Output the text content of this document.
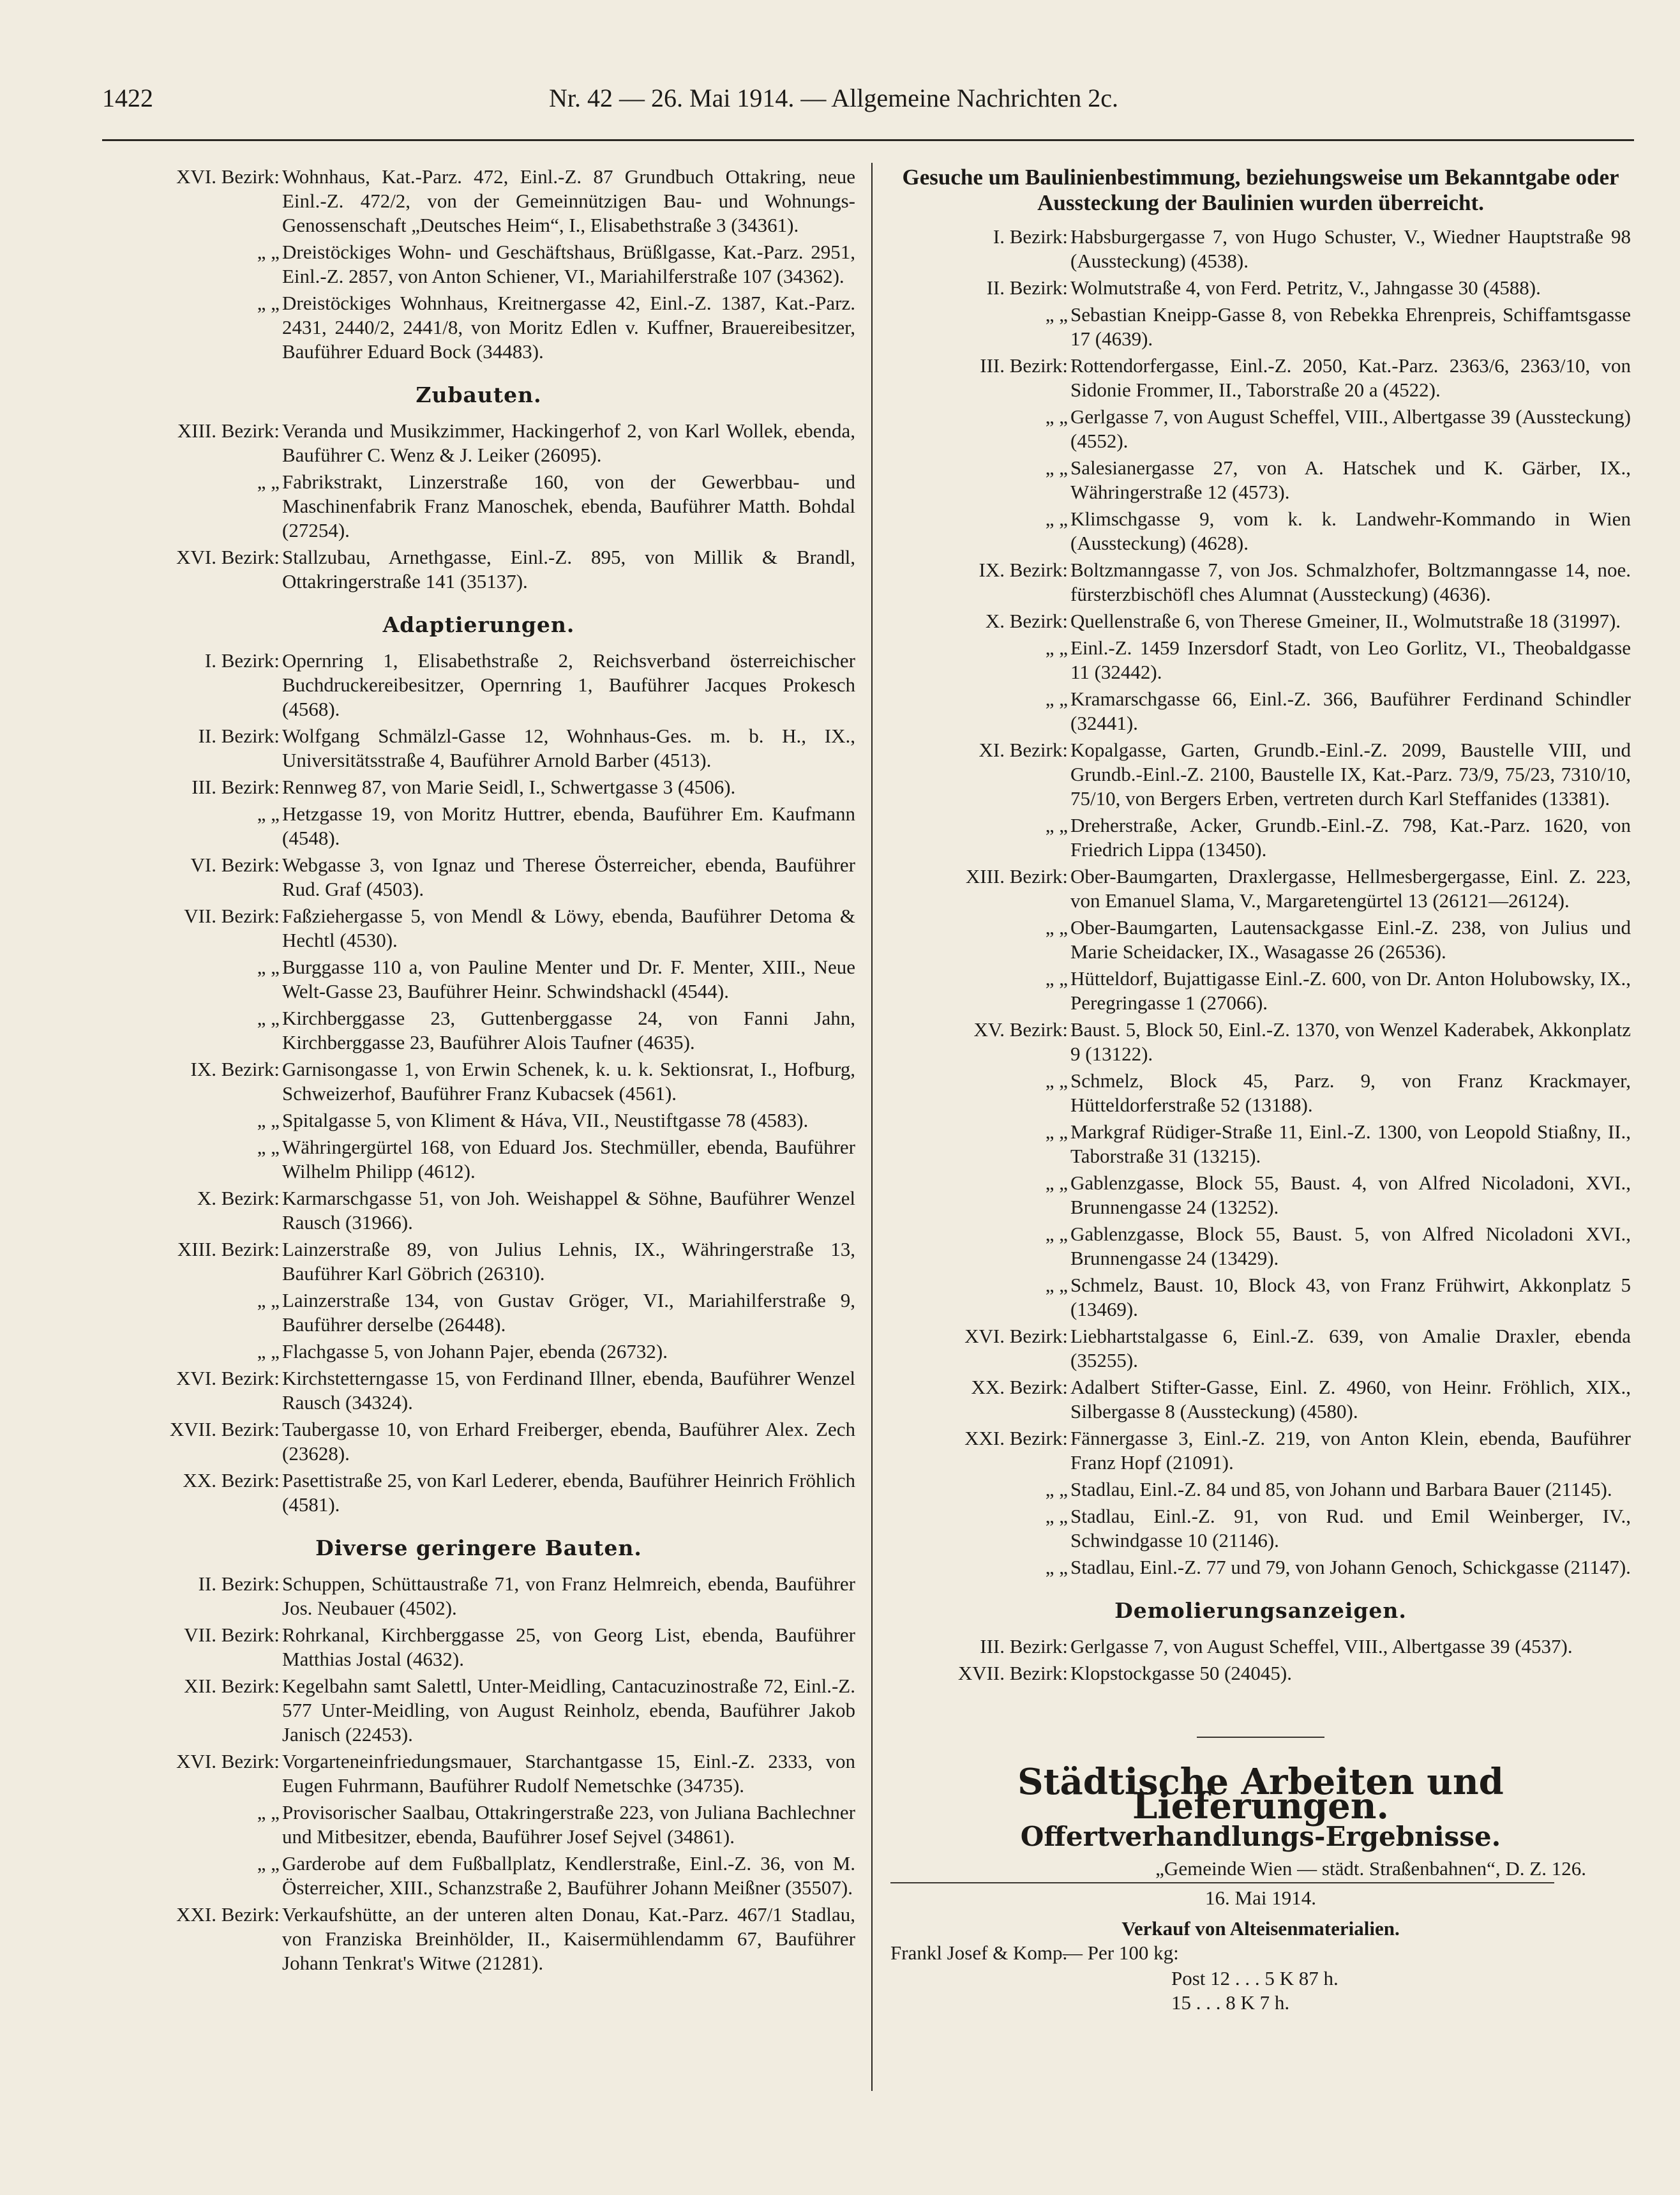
1422	Nr. 42 — 26. Mai 1914. — Allgemeine Nachrichten 2c.
XVI. Bezirk: Wohnhaus, Kat.-Parz. 472, Einl.-Z. 87 Grundbuch Ottakring, neue Einl.-Z. 472/2, von der Gemeinnützigen Bau- und Wohnungs-Genossenschaft „Deutsches Heim“, I., Elisabethstraße 3 (34361).
„ „ Dreistöckiges Wohn- und Geschäftshaus, Brüßlgasse, Kat.-Parz. 2951, Einl.-Z. 2857, von Anton Schiener, VI., Mariahilferstraße 107 (34362).
„ „ Dreistöckiges Wohnhaus, Kreitnergasse 42, Einl.-Z. 1387, Kat.-Parz. 2431, 2440/2, 2441/8, von Moritz Edlen v. Kuffner, Brauereibesitzer, Bauführer Eduard Bock (34483).
Zubauten.
XIII. Bezirk: Veranda und Musikzimmer, Hackingerhof 2, von Karl Wollek, ebenda, Bauführer C. Wenz & J. Leiker (26095).
„ „ Fabrikstrakt, Linzerstraße 160, von der Gewerbbau- und Maschinenfabrik Franz Manoschek, ebenda, Bauführer Matth. Bohdal (27254).
XVI. Bezirk: Stallzubau, Arnethgasse, Einl.-Z. 895, von Millik & Brandl, Ottakringerstraße 141 (35137).
Adaptierungen.
I. Bezirk: Opernring 1, Elisabethstraße 2, Reichsverband österreichischer Buchdruckereibesitzer, Opernring 1, Bauführer Jacques Prokesch (4568).
II. Bezirk: Wolfgang Schmälzl-Gasse 12, Wohnhaus-Ges. m. b. H., IX., Universitätsstraße 4, Bauführer Arnold Barber (4513).
III. Bezirk: Rennweg 87, von Marie Seidl, I., Schwertgasse 3 (4506).
„ „ Hetzgasse 19, von Moritz Huttrer, ebenda, Bauführer Em. Kaufmann (4548).
VI. Bezirk: Webgasse 3, von Ignaz und Therese Österreicher, ebenda, Bauführer Rud. Graf (4503).
VII. Bezirk: Faßziehergasse 5, von Mendl & Löwy, ebenda, Bauführer Detoma & Hechtl (4530).
„ „ Burggasse 110 a, von Pauline Menter und Dr. F. Menter, XIII., Neue Welt-Gasse 23, Bauführer Heinr. Schwindshackl (4544).
„ „ Kirchberggasse 23, Guttenberggasse 24, von Fanni Jahn, Kirchberggasse 23, Bauführer Alois Taufner (4635).
IX. Bezirk: Garnisongasse 1, von Erwin Schenek, k. u. k. Sektionsrat, I., Hofburg, Schweizerhof, Bauführer Franz Kubacsek (4561).
„ „ Spitalgasse 5, von Kliment & Háva, VII., Neustiftgasse 78 (4583).
„ „ Währingergürtel 168, von Eduard Jos. Stechmüller, ebenda, Bauführer Wilhelm Philipp (4612).
X. Bezirk: Karmarschgasse 51, von Joh. Weishappel & Söhne, Bauführer Wenzel Rausch (31966).
XIII. Bezirk: Lainzerstraße 89, von Julius Lehnis, IX., Währingerstraße 13, Bauführer Karl Göbrich (26310).
„ „ Lainzerstraße 134, von Gustav Gröger, VI., Mariahilferstraße 9, Bauführer derselbe (26448).
„ „ Flachgasse 5, von Johann Pajer, ebenda (26732).
XVI. Bezirk: Kirchstetterngasse 15, von Ferdinand Illner, ebenda, Bauführer Wenzel Rausch (34324).
XVII. Bezirk: Taubergasse 10, von Erhard Freiberger, ebenda, Bauführer Alex. Zech (23628).
XX. Bezirk: Pasettistraße 25, von Karl Lederer, ebenda, Bauführer Heinrich Fröhlich (4581).
Diverse geringere Bauten.
II. Bezirk: Schuppen, Schüttaustraße 71, von Franz Helmreich, ebenda, Bauführer Jos. Neubauer (4502).
VII. Bezirk: Rohrkanal, Kirchberggasse 25, von Georg List, ebenda, Bauführer Matthias Jostal (4632).
XII. Bezirk: Kegelbahn samt Salettl, Unter-Meidling, Cantacuzinostraße 72, Einl.-Z. 577 Unter-Meidling, von August Reinholz, ebenda, Bauführer Jakob Janisch (22453).
XVI. Bezirk: Vorgarteneinfriedungsmauer, Starchantgasse 15, Einl.-Z. 2333, von Eugen Fuhrmann, Bauführer Rudolf Nemetschke (34735).
„ „ Provisorischer Saalbau, Ottakringerstraße 223, von Juliana Bachlechner und Mitbesitzer, ebenda, Bauführer Josef Sejvel (34861).
„ „ Garderobe auf dem Fußballplatz, Kendlerstraße, Einl.-Z. 36, von M. Österreicher, XIII., Schanzstraße 2, Bauführer Johann Meißner (35507).
XXI. Bezirk: Verkaufshütte, an der unteren alten Donau, Kat.-Parz. 467/1 Stadlau, von Franziska Breinhölder, II., Kaisermühlendamm 67, Bauführer Johann Tenkrat's Witwe (21281).
Gesuche um Baulinienbestimmung, beziehungsweise um Bekanntgabe oder Aussteckung der Baulinien wurden überreicht.
I. Bezirk: Habsburgergasse 7, von Hugo Schuster, V., Wiedner Hauptstraße 98 (Aussteckung) (4538).
II. Bezirk: Wolmutstraße 4, von Ferd. Petritz, V., Jahngasse 30 (4588).
„ „ Sebastian Kneipp-Gasse 8, von Rebekka Ehrenpreis, Schiffamtsgasse 17 (4639).
III. Bezirk: Rottendorfergasse, Einl.-Z. 2050, Kat.-Parz. 2363/6, 2363/10, von Sidonie Frommer, II., Taborstraße 20 a (4522).
„ „ Gerlgasse 7, von August Scheffel, VIII., Albertgasse 39 (Aussteckung) (4552).
„ „ Salesianergasse 27, von A. Hatschek und K. Gärber, IX., Währingerstraße 12 (4573).
„ „ Klimschgasse 9, vom k. k. Landwehr-Kommando in Wien (Aussteckung) (4628).
IX. Bezirk: Boltzmanngasse 7, von Jos. Schmalzhofer, Boltzmanngasse 14, noe. fürsterzbischöfl ches Alumnat (Aussteckung) (4636).
X. Bezirk: Quellenstraße 6, von Therese Gmeiner, II., Wolmutstraße 18 (31997).
„ „ Einl.-Z. 1459 Inzersdorf Stadt, von Leo Gorlitz, VI., Theobaldgasse 11 (32442).
„ „ Kramarschgasse 66, Einl.-Z. 366, Bauführer Ferdinand Schindler (32441).
XI. Bezirk: Kopalgasse, Garten, Grundb.-Einl.-Z. 2099, Baustelle VIII, und Grundb.-Einl.-Z. 2100, Baustelle IX, Kat.-Parz. 73/9, 75/23, 7310/10, 75/10, von Bergers Erben, vertreten durch Karl Steffanides (13381).
„ „ Dreherstraße, Acker, Grundb.-Einl.-Z. 798, Kat.-Parz. 1620, von Friedrich Lippa (13450).
XIII. Bezirk: Ober-Baumgarten, Draxlergasse, Hellmesbergergasse, Einl. Z. 223, von Emanuel Slama, V., Margaretengürtel 13 (26121—26124).
„ „ Ober-Baumgarten, Lautensackgasse Einl.-Z. 238, von Julius und Marie Scheidacker, IX., Wasagasse 26 (26536).
„ „ Hütteldorf, Bujattigasse Einl.-Z. 600, von Dr. Anton Holubowsky, IX., Peregringasse 1 (27066).
XV. Bezirk: Baust. 5, Block 50, Einl.-Z. 1370, von Wenzel Kaderabek, Akkonplatz 9 (13122).
„ „ Schmelz, Block 45, Parz. 9, von Franz Krackmayer, Hütteldorferstraße 52 (13188).
„ „ Markgraf Rüdiger-Straße 11, Einl.-Z. 1300, von Leopold Stiaßny, II., Taborstraße 31 (13215).
„ „ Gablenzgasse, Block 55, Baust. 4, von Alfred Nicoladoni, XVI., Brunnengasse 24 (13252).
„ „ Gablenzgasse, Block 55, Baust. 5, von Alfred Nicoladoni XVI., Brunnengasse 24 (13429).
„ „ Schmelz, Baust. 10, Block 43, von Franz Frühwirt, Akkonplatz 5 (13469).
XVI. Bezirk: Liebhartstalgasse 6, Einl.-Z. 639, von Amalie Draxler, ebenda (35255).
XX. Bezirk: Adalbert Stifter-Gasse, Einl. Z. 4960, von Heinr. Fröhlich, XIX., Silbergasse 8 (Aussteckung) (4580).
XXI. Bezirk: Fännergasse 3, Einl.-Z. 219, von Anton Klein, ebenda, Bauführer Franz Hopf (21091).
„ „ Stadlau, Einl.-Z. 84 und 85, von Johann und Barbara Bauer (21145).
„ „ Stadlau, Einl.-Z. 91, von Rud. und Emil Weinberger, IV., Schwindgasse 10 (21146).
„ „ Stadlau, Einl.-Z. 77 und 79, von Johann Genoch, Schickgasse (21147).
Demolierungsanzeigen.
III. Bezirk: Gerlgasse 7, von August Scheffel, VIII., Albertgasse 39 (4537).
XVII. Bezirk: Klopstockgasse 50 (24045).
Städtische Arbeiten und Lieferungen.
Offertverhandlungs-Ergebnisse.
„Gemeinde Wien — städt. Straßenbahnen“, D. Z. 126.
16. Mai 1914.
Verkauf von Alteisenmaterialien.
Frankl Josef & Komp.
— Per 100 kg:
Post 12 . . . 5 K 87 h.
15 . . . 8 K 7 h.
